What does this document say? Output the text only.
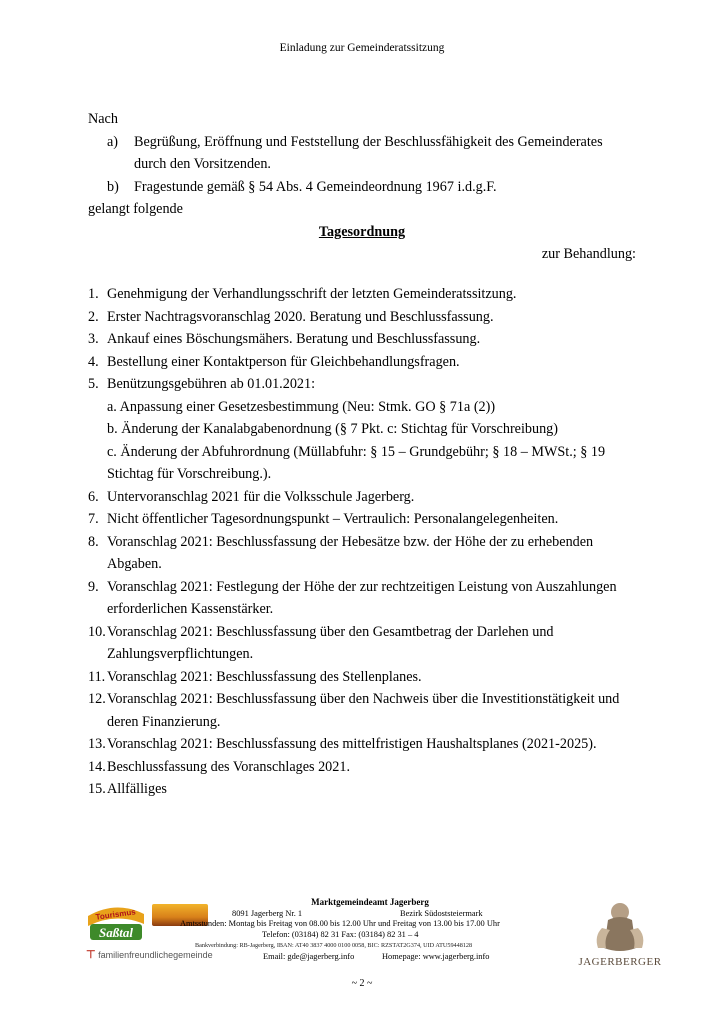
Einladung zur Gemeinderatssitzung
Nach
a)	Begrüßung, Eröffnung und Feststellung der Beschlussfähigkeit des Gemeinderates
durch den Vorsitzenden.
b)	Fragestunde gemäß § 54 Abs. 4 Gemeindeordnung 1967 i.d.g.F.
gelangt folgende
Tagesordnung
zur Behandlung:
1. Genehmigung der Verhandlungsschrift der letzten Gemeinderatssitzung.
2. Erster Nachtragsvoranschlag 2020. Beratung und Beschlussfassung.
3. Ankauf eines Böschungsmähers. Beratung und Beschlussfassung.
4. Bestellung einer Kontaktperson für Gleichbehandlungsfragen.
5. Benützungsgebühren ab 01.01.2021:
a. Anpassung einer Gesetzesbestimmung (Neu: Stmk. GO § 71a (2))
b. Änderung der Kanalabgabenordnung (§ 7 Pkt. c: Stichtag für Vorschreibung)
c. Änderung der Abfuhrordnung (Müllabfuhr: § 15 – Grundgebühr; § 18 – MWSt.; § 19
Stichtag für Vorschreibung.).
6. Untervoranschlag 2021 für die Volksschule Jagerberg.
7. Nicht öffentlicher Tagesordnungspunkt – Vertraulich: Personalangelegenheiten.
8. Voranschlag 2021: Beschlussfassung der Hebesätze bzw. der Höhe der zu erhebenden
Abgaben.
9. Voranschlag 2021: Festlegung der Höhe der zur rechtzeitigen Leistung von Auszahlungen
erforderlichen Kassenstärker.
10. Voranschlag 2021: Beschlussfassung über den Gesamtbetrag der Darlehen und
Zahlungsverpflichtungen.
11. Voranschlag 2021: Beschlussfassung des Stellenplanes.
12. Voranschlag 2021: Beschlussfassung über den Nachweis über die Investitionstätigkeit und
deren Finanzierung.
13. Voranschlag 2021: Beschlussfassung des mittelfristigen Haushaltsplanes (2021-2025).
14. Beschlussfassung des Voranschlages 2021.
15. Allfälliges
Tourismus
Saßtal
⊤ familienfreundlichegemeinde
Marktgemeindeamt Jagerberg
8091 Jagerberg Nr. 1	Bezirk Südoststeiermark
Amtsstunden: Montag bis Freitag von 08.00 bis 12.00 Uhr und Freitag von 13.00 bis 17.00 Uhr
Telefon: (03184) 82 31 Fax: (03184) 82 31 – 4
Bankverbindung: RB-Jagerberg, IBAN: AT40 3837 4000 0100 0058, BIC: RZSTAT2G374, UID ATU59448128
Email: gde@jagerberg.info	Homepage: www.jagerberg.info	JAGERBERGER
~ 2 ~
